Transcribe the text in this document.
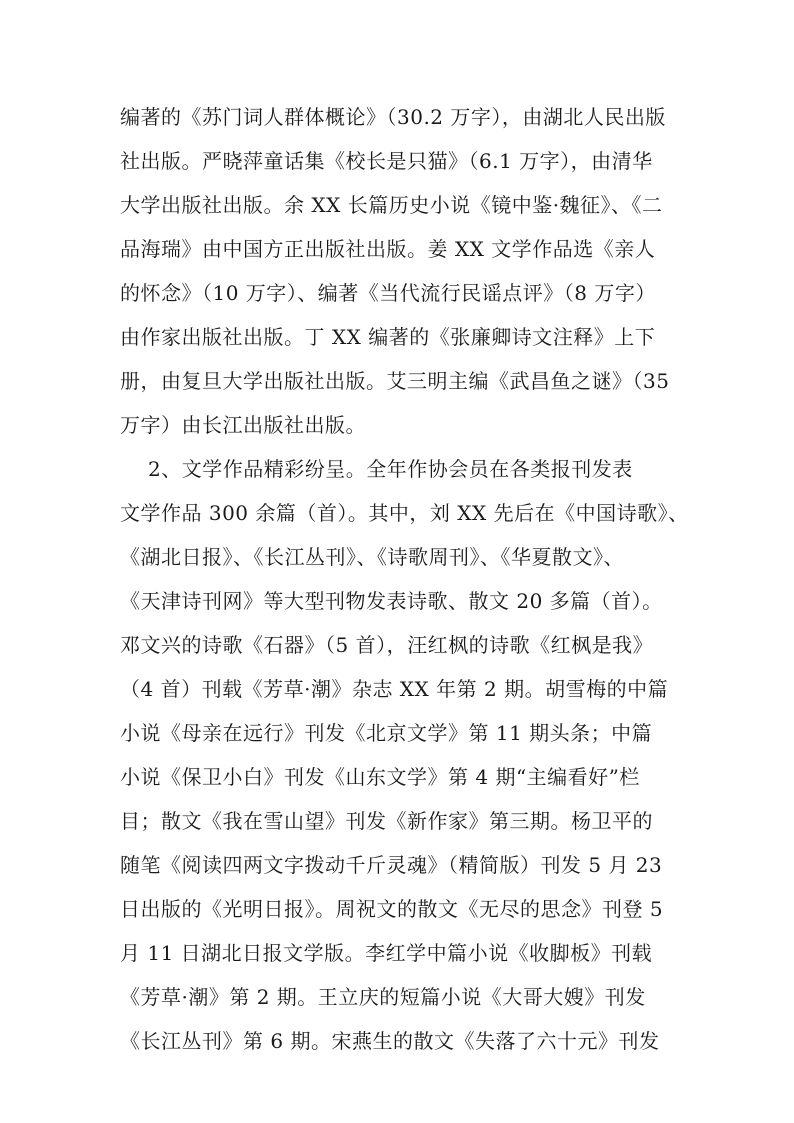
编著的《苏门词人群体概论》（30.2 万字），由湖北人民出版

社出版。严晓萍童话集《校长是只猫》（6.1 万字），由清华

大学出版社出版。余 XX 长篇历史小说《镜中鉴·魏征》、《二

品海瑞》由中国方正出版社出版。姜 XX 文学作品选《亲人

的怀念》（10 万字）、编著《当代流行民谣点评》（8 万字）

由作家出版社出版。丁 XX 编著的《张廉卿诗文注释》上下

册，由复旦大学出版社出版。艾三明主编《武昌鱼之谜》（35

万字）由长江出版社出版。

2、文学作品精彩纷呈。全年作协会员在各类报刊发表

文学作品 300 余篇（首）。其中，刘 XX 先后在《中国诗歌》、

《湖北日报》、《长江丛刊》、《诗歌周刊》、《华夏散文》、

《天津诗刊网》等大型刊物发表诗歌、散文 20 多篇（首）。

邓文兴的诗歌《石器》（5 首），汪红枫的诗歌《红枫是我》

（4 首）刊载《芳草·潮》杂志 XX 年第 2 期。胡雪梅的中篇

小说《母亲在远行》刊发《北京文学》第 11 期头条；中篇

小说《保卫小白》刊发《山东文学》第 4 期“主编看好”栏

目；散文《我在雪山望》刊发《新作家》第三期。杨卫平的

随笔《阅读四两文字拨动千斤灵魂》（精简版）刊发 5 月 23

日出版的《光明日报》。周祝文的散文《无尽的思念》刊登 5

月 11 日湖北日报文学版。李红学中篇小说《收脚板》刊载

《芳草·潮》第 2 期。王立庆的短篇小说《大哥大嫂》刊发

《长江丛刊》第 6 期。宋燕生的散文《失落了六十元》刊发
